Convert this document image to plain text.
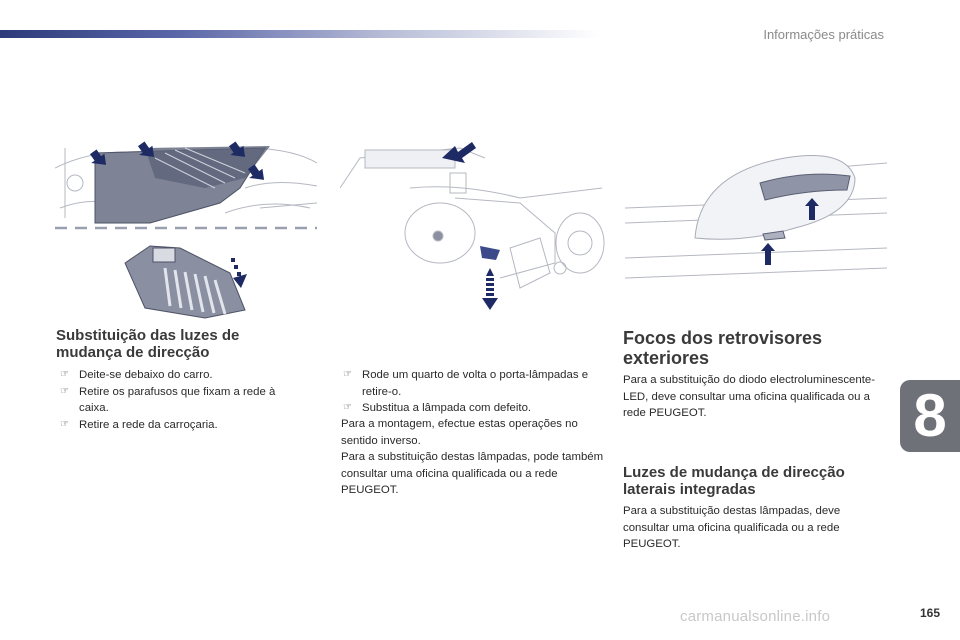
Informações práticas
Substituição das luzes de mudança de direcção
☞ Deite-se debaixo do carro.
☞ Retire os parafusos que fixam a rede à caixa.
☞ Retire a rede da carroçaria.
☞ Rode um quarto de volta o porta-lâmpadas e retire-o.
☞ Substitua a lâmpada com defeito.

Para a montagem, efectue estas operações no sentido inverso.

Para a substituição destas lâmpadas, pode também consultar uma oficina qualificada ou a rede PEUGEOT.

Focos dos retrovisores exteriores

Para a substituição do diodo electroluminescente-LED, deve consultar uma oficina qualificada ou a rede PEUGEOT.

Luzes de mudança de direcção laterais integradas

Para a substituição destas lâmpadas, deve consultar uma oficina qualificada ou a rede PEUGEOT.

8
carmanualsonline.info	165
